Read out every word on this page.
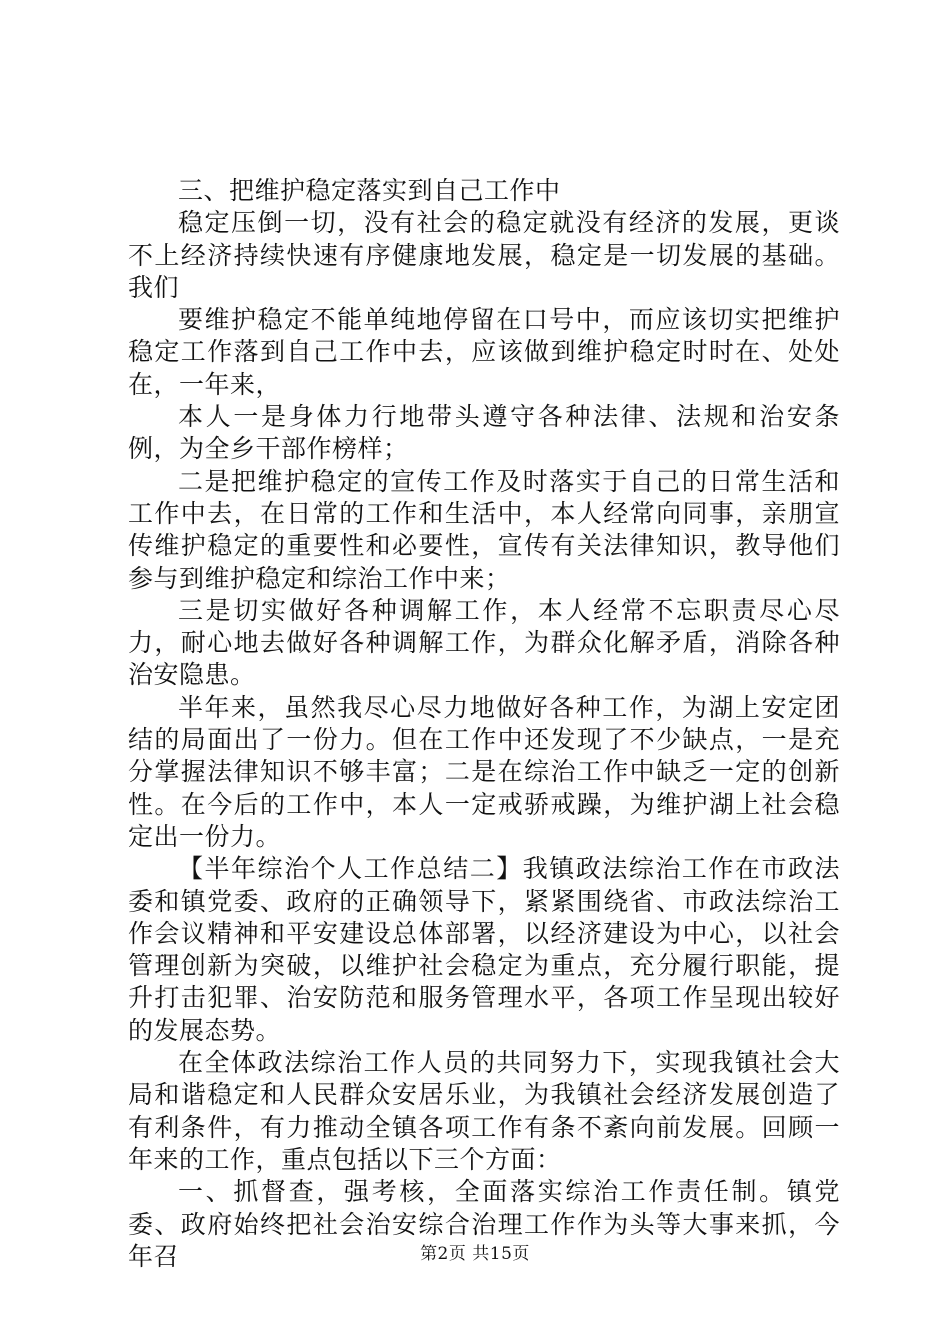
三、把维护稳定落实到自己工作中

稳定压倒一切，没有社会的稳定就没有经济的发展，更谈不上经济持续快速有序健康地发展，稳定是一切发展的基础。我们

要维护稳定不能单纯地停留在口号中，而应该切实把维护稳定工作落到自己工作中去，应该做到维护稳定时时在、处处在，一年来，

本人一是身体力行地带头遵守各种法律、法规和治安条例，为全乡干部作榜样；

二是把维护稳定的宣传工作及时落实于自己的日常生活和工作中去，在日常的工作和生活中，本人经常向同事，亲朋宣传维护稳定的重要性和必要性，宣传有关法律知识，教导他们参与到维护稳定和综治工作中来；

三是切实做好各种调解工作，本人经常不忘职责尽心尽力，耐心地去做好各种调解工作，为群众化解矛盾，消除各种治安隐患。

半年来，虽然我尽心尽力地做好各种工作，为湖上安定团结的局面出了一份力。但在工作中还发现了不少缺点，一是充分掌握法律知识不够丰富；二是在综治工作中缺乏一定的创新性。在今后的工作中，本人一定戒骄戒躁，为维护湖上社会稳定出一份力。

【半年综治个人工作总结二】我镇政法综治工作在市政法委和镇党委、政府的正确领导下，紧紧围绕省、市政法综治工作会议精神和平安建设总体部署，以经济建设为中心，以社会管理创新为突破，以维护社会稳定为重点，充分履行职能，提升打击犯罪、治安防范和服务管理水平，各项工作呈现出较好的发展态势。

在全体政法综治工作人员的共同努力下，实现我镇社会大局和谐稳定和人民群众安居乐业，为我镇社会经济发展创造了有利条件，有力推动全镇各项工作有条不紊向前发展。回顾一年来的工作，重点包括以下三个方面：

一、抓督查，强考核，全面落实综治工作责任制。镇党委、政府始终把社会治安综合治理工作作为头等大事来抓，今年召	第2页 共15页
